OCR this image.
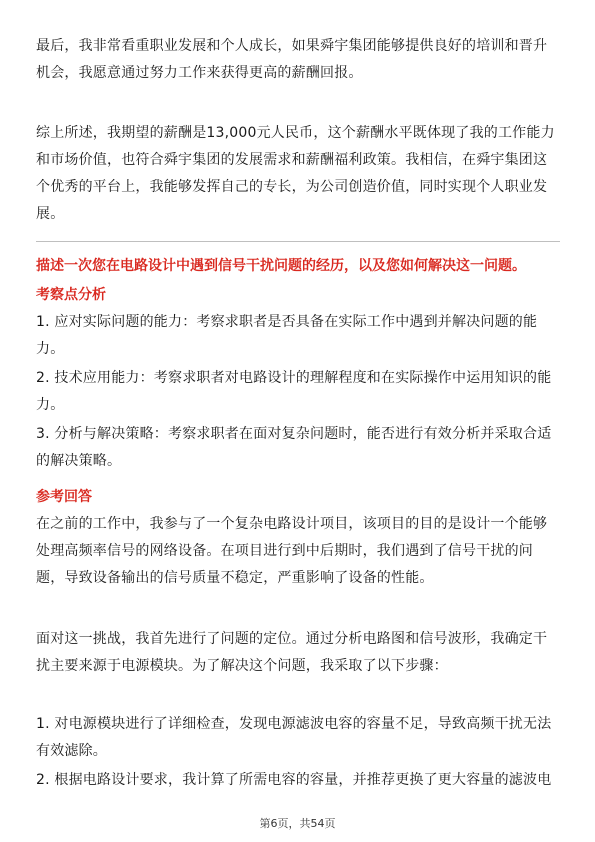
最后，我非常看重职业发展和个人成长，如果舜宇集团能够提供良好的培训和晋升
机会，我愿意通过努力工作来获得更高的薪酬回报。
综上所述，我期望的薪酬是13,000元人民币，这个薪酬水平既体现了我的工作能力
和市场价值，也符合舜宇集团的发展需求和薪酬福利政策。我相信，在舜宇集团这
个优秀的平台上，我能够发挥自己的专长，为公司创造价值，同时实现个人职业发
展。

描述一次您在电路设计中遇到信号干扰问题的经历，以及您如何解决这一问题。

考察点分析

1. 应对实际问题的能力：考察求职者是否具备在实际工作中遇到并解决问题的能
力。
2. 技术应用能力：考察求职者对电路设计的理解程度和在实际操作中运用知识的能
力。
3. 分析与解决策略：考察求职者在面对复杂问题时，能否进行有效分析并采取合适
的解决策略。

参考回答

在之前的工作中，我参与了一个复杂电路设计项目，该项目的目的是设计一个能够
处理高频率信号的网络设备。在项目进行到中后期时，我们遇到了信号干扰的问
题，导致设备输出的信号质量不稳定，严重影响了设备的性能。
面对这一挑战，我首先进行了问题的定位。通过分析电路图和信号波形，我确定干
扰主要来源于电源模块。为了解决这个问题，我采取了以下步骤：
1. 对电源模块进行了详细检查，发现电源滤波电容的容量不足，导致高频干扰无法
有效滤除。
2. 根据电路设计要求，我计算了所需电容的容量，并推荐更换了更大容量的滤波电
第6页，共54页
